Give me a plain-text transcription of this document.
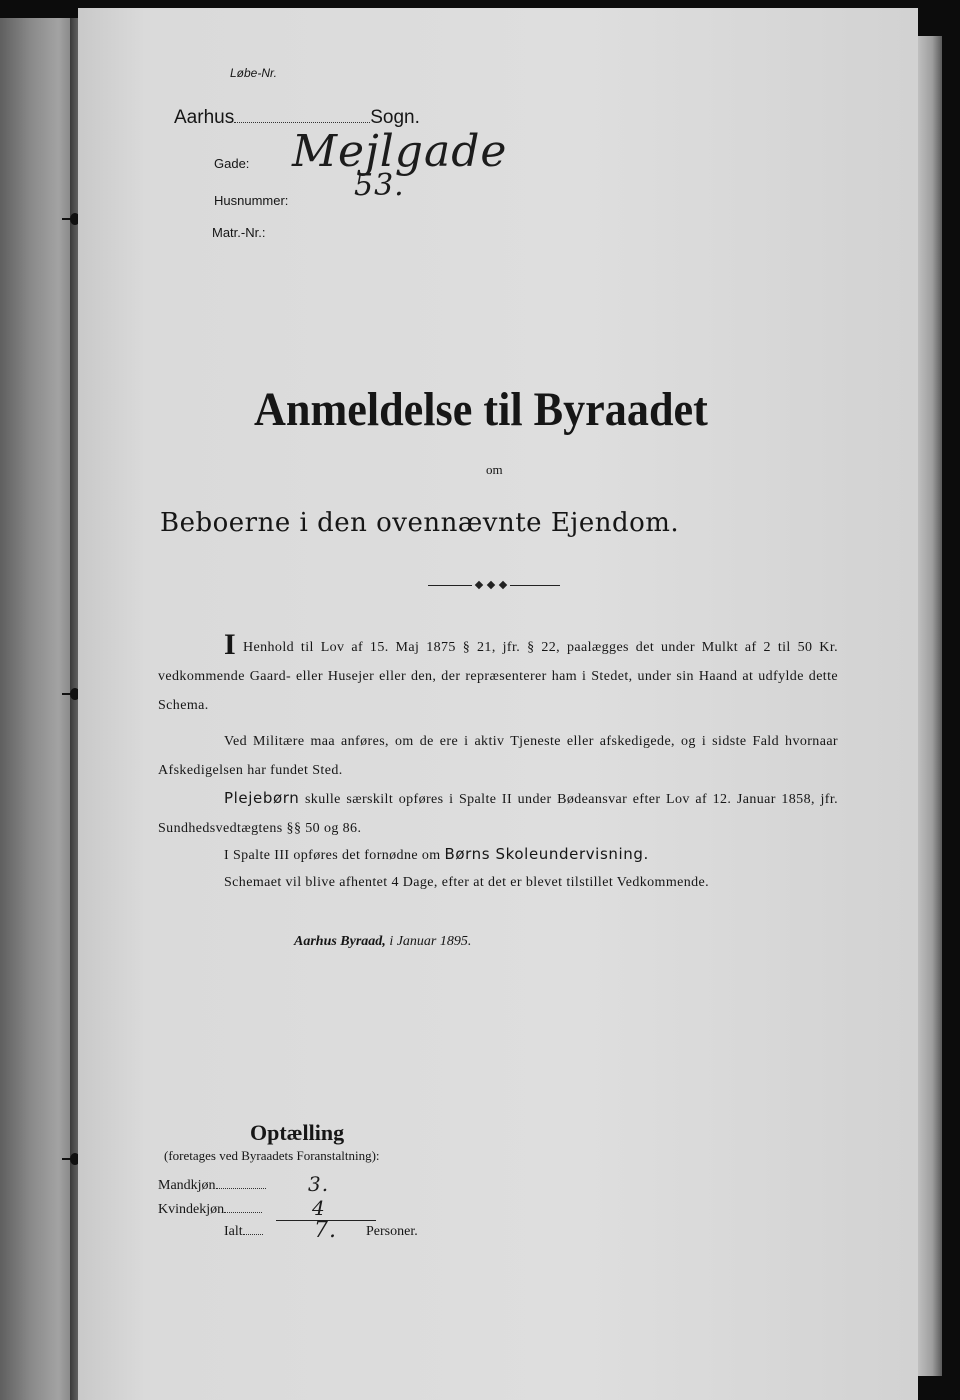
Løbe-Nr.
Aarhus	Sogn.
Gade: Mejlgade
Husnummer: 53.
Matr.-Nr.:
Anmeldelse til Byraadet
om
Beboerne i den ovennævnte Ejendom.
I Henhold til Lov af 15. Maj 1875 § 21, jfr. § 22, paalægges det under Mulkt af 2 til 50 Kr. vedkommende Gaard- eller Husejer eller den, der repræsenterer ham i Stedet, under sin Haand at udfylde dette Schema.
Ved Militære maa anføres, om de ere i aktiv Tjeneste eller afskedigede, og i sidste Fald hvornaar Afskedigelsen har fundet Sted.
Plejebørn skulle særskilt opføres i Spalte II under Bødeansvar efter Lov af 12. Januar 1858, jfr. Sundhedsvedtægtens §§ 50 og 86.
I Spalte III opføres det fornødne om Børns Skoleundervisning.
Schemaet vil blive afhentet 4 Dage, efter at det er blevet tilstillet Vedkommende.
Aarhus Byraad, i Januar 1895.
Optælling
(foretages ved Byraadets Foranstaltning):
Mandkjøn	3.
Kvindekjøn	4
Ialt	7. Personer.
